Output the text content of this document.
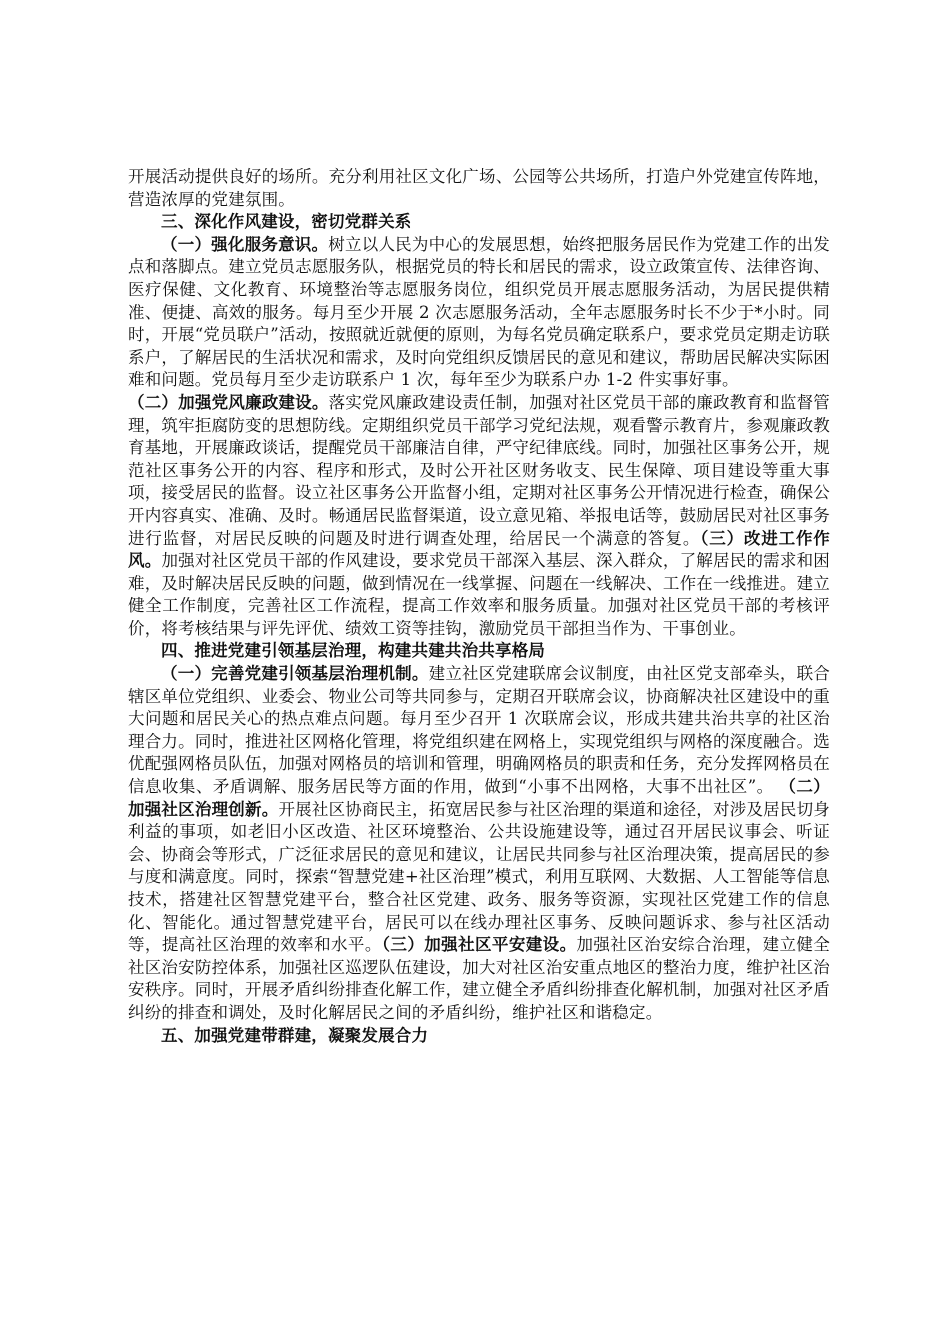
开展活动提供良好的场所。充分利用社区文化广场、公园等公共场所，打造户外党建宣传阵地，营造浓厚的党建氛围。

三、深化作风建设，密切党群关系

（一）强化服务意识。树立以人民为中心的发展思想，始终把服务居民作为党建工作的出发点和落脚点。建立党员志愿服务队，根据党员的特长和居民的需求，设立政策宣传、法律咨询、医疗保健、文化教育、环境整治等志愿服务岗位，组织党员开展志愿服务活动，为居民提供精准、便捷、高效的服务。每月至少开展 2 次志愿服务活动，全年志愿服务时长不少于*小时。同时，开展“党员联户”活动，按照就近就便的原则，为每名党员确定联系户，要求党员定期走访联系户，了解居民的生活状况和需求，及时向党组织反馈居民的意见和建议，帮助居民解决实际困难和问题。党员每月至少走访联系户 1 次，每年至少为联系户办 1-2 件实事好事。

（二）加强党风廉政建设。落实党风廉政建设责任制，加强对社区党员干部的廉政教育和监督管理，筑牢拒腐防变的思想防线。定期组织党员干部学习党纪法规，观看警示教育片，参观廉政教育基地，开展廉政谈话，提醒党员干部廉洁自律，严守纪律底线。同时，加强社区事务公开，规范社区事务公开的内容、程序和形式，及时公开社区财务收支、民生保障、项目建设等重大事项，接受居民的监督。设立社区事务公开监督小组，定期对社区事务公开情况进行检查，确保公开内容真实、准确、及时。畅通居民监督渠道，设立意见箱、举报电话等，鼓励居民对社区事务进行监督，对居民反映的问题及时进行调查处理，给居民一个满意的答复。（三）改进工作作风。加强对社区党员干部的作风建设，要求党员干部深入基层、深入群众，了解居民的需求和困难，及时解决居民反映的问题，做到情况在一线掌握、问题在一线解决、工作在一线推进。建立健全工作制度，完善社区工作流程，提高工作效率和服务质量。加强对社区党员干部的考核评价，将考核结果与评先评优、绩效工资等挂钩，激励党员干部担当作为、干事创业。

四、推进党建引领基层治理，构建共建共治共享格局

（一）完善党建引领基层治理机制。建立社区党建联席会议制度，由社区党支部牵头，联合辖区单位党组织、业委会、物业公司等共同参与，定期召开联席会议，协商解决社区建设中的重大问题和居民关心的热点难点问题。每月至少召开 1 次联席会议，形成共建共治共享的社区治理合力。同时，推进社区网格化管理，将党组织建在网格上，实现党组织与网格的深度融合。选优配强网格员队伍，加强对网格员的培训和管理，明确网格员的职责和任务，充分发挥网格员在信息收集、矛盾调解、服务居民等方面的作用，做到“小事不出网格，大事不出社区”。 （二）加强社区治理创新。开展社区协商民主，拓宽居民参与社区治理的渠道和途径，对涉及居民切身利益的事项，如老旧小区改造、社区环境整治、公共设施建设等，通过召开居民议事会、听证会、协商会等形式，广泛征求居民的意见和建议，让居民共同参与社区治理决策，提高居民的参与度和满意度。同时，探索“智慧党建+社区治理”模式，利用互联网、大数据、人工智能等信息技术，搭建社区智慧党建平台，整合社区党建、政务、服务等资源，实现社区党建工作的信息化、智能化。通过智慧党建平台，居民可以在线办理社区事务、反映问题诉求、参与社区活动等，提高社区治理的效率和水平。（三）加强社区平安建设。加强社区治安综合治理，建立健全社区治安防控体系，加强社区巡逻队伍建设，加大对社区治安重点地区的整治力度，维护社区治安秩序。同时，开展矛盾纠纷排查化解工作，建立健全矛盾纠纷排查化解机制，加强对社区矛盾纠纷的排查和调处，及时化解居民之间的矛盾纠纷，维护社区和谐稳定。

五、加强党建带群建，凝聚发展合力
